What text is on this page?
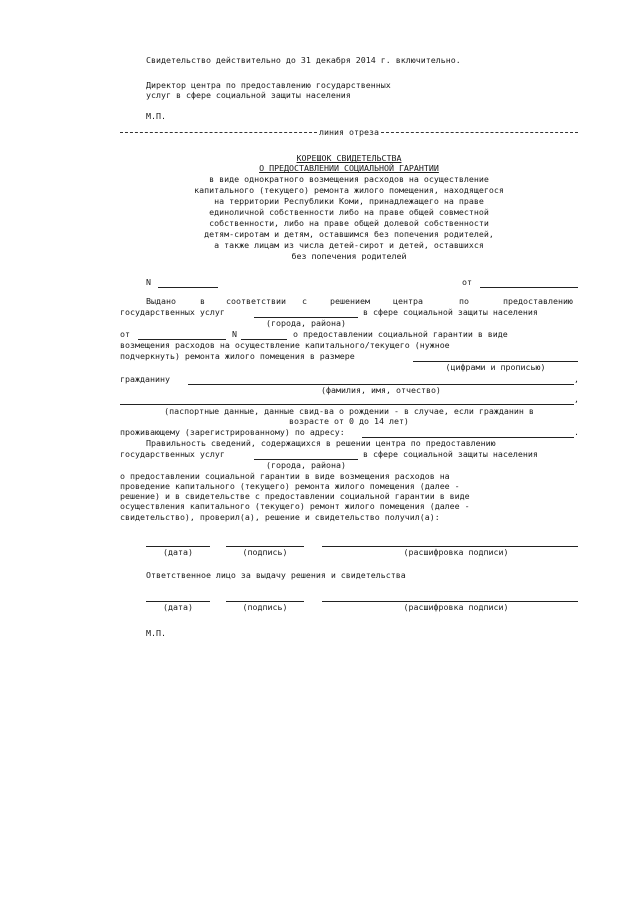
Свидетельство действительно до 31 декабря 2014 г. включительно.
Директор центра по предоставлению государственных
услуг в сфере социальной защиты населения
М.П.
линия отреза
КОРЕШОК СВИДЕТЕЛЬСТВА
О ПРЕДОСТАВЛЕНИИ СОЦИАЛЬНОЙ ГАРАНТИИ
в виде однократного возмещения расходов на осуществление
капитального (текущего) ремонта жилого помещения, находящегося
на территории Республики Коми, принадлежащего на праве
единоличной собственности либо на праве общей совместной
собственности, либо на праве общей долевой собственности
детям-сиротам и детям, оставшимся без попечения родителей,
а также лицам из числа детей-сирот и детей, оставшихся
без попечения родителей
N	от
Выдано	в	соответствии с	решением	центра	по	предоставлению
государственных услуг	в сфере социальной защиты населения
(города, района)
от	N	о предоставлении социальной гарантии в виде
возмещения расходов на осуществление капитального/текущего (нужное
подчеркнуть) ремонта жилого помещения в размере
(цифрами и прописью)
гражданину	,
(фамилия, имя, отчество)
,
(паспортные данные, данные свид-ва о рождении - в случае, если гражданин в
возрасте от 0 до 14 лет)
проживающему (зарегистрированному) по адресу:	.
Правильность сведений, содержащихся в решении центра по предоставлению
государственных услуг	в сфере социальной защиты населения
(города, района)
о предоставлении социальной гарантии в виде возмещения расходов на
проведение капитального (текущего) ремонта жилого помещения (далее -
решение) и в свидетельстве с предоставлении социальной гарантии в виде
осуществления капитального (текущего) ремонт жилого помещения (далее -
свидетельство), проверил(а), решение и свидетельство получил(а):
(дата)	(подпись)	(расшифровка подписи)
Ответственное лицо за выдачу решения и свидетельства
(дата)	(подпись)	(расшифровка подписи)
М.П.
